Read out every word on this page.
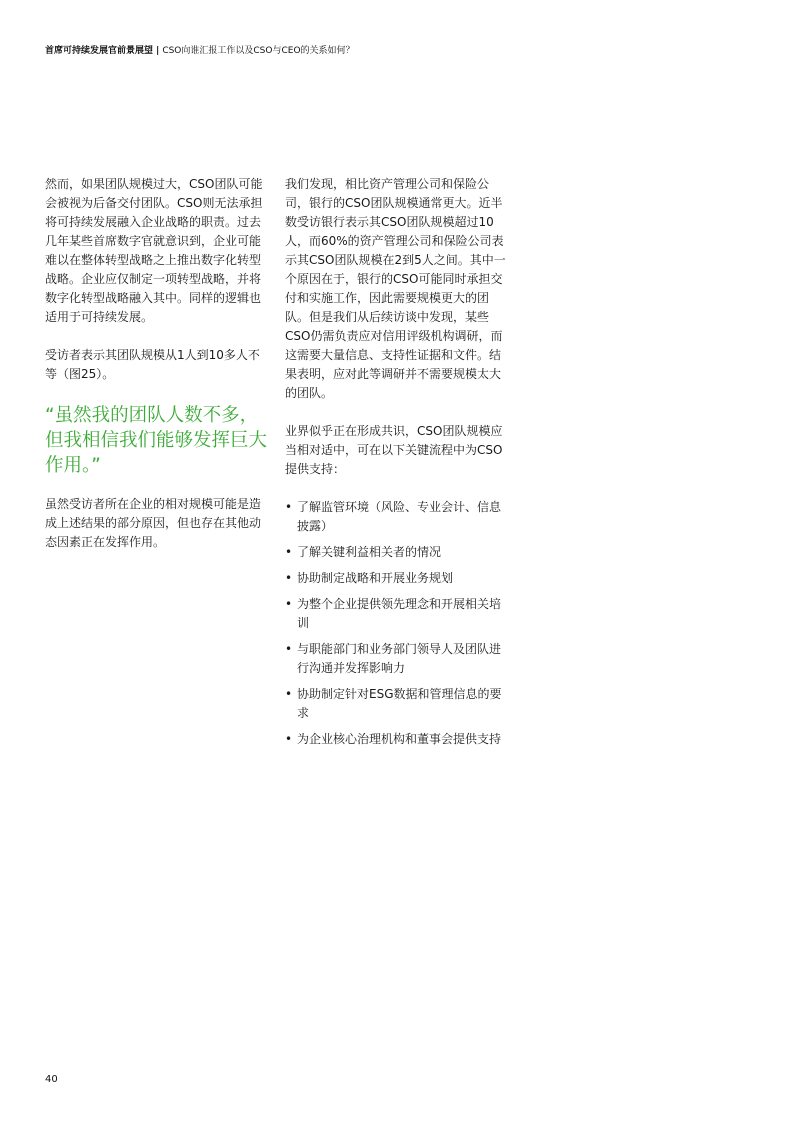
首席可持续发展官前景展望 | CSO向谁汇报工作以及CSO与CEO的关系如何？

然而，如果团队规模过大，CSO团队可能会被视为后备交付团队。CSO则无法承担将可持续发展融入企业战略的职责。过去几年某些首席数字官就意识到，企业可能难以在整体转型战略之上推出数字化转型战略。企业应仅制定一项转型战略，并将数字化转型战略融入其中。同样的逻辑也适用于可持续发展。

受访者表示其团队规模从1人到10多人不等（图25）。

“虽然我的团队人数不多，但我相信我们能够发挥巨大作用。”

虽然受访者所在企业的相对规模可能是造成上述结果的部分原因，但也存在其他动态因素正在发挥作用。

我们发现，相比资产管理公司和保险公司，银行的CSO团队规模通常更大。近半数受访银行表示其CSO团队规模超过10人，而60%的资产管理公司和保险公司表示其CSO团队规模在2到5人之间。其中一个原因在于，银行的CSO可能同时承担交付和实施工作，因此需要规模更大的团队。但是我们从后续访谈中发现，某些CSO仍需负责应对信用评级机构调研，而这需要大量信息、支持性证据和文件。结果表明，应对此等调研并不需要规模太大的团队。

业界似乎正在形成共识，CSO团队规模应当相对适中，可在以下关键流程中为CSO提供支持：

• 了解监管环境（风险、专业会计、信息披露）
• 了解关键利益相关者的情况
• 协助制定战略和开展业务规划
• 为整个企业提供领先理念和开展相关培训
• 与职能部门和业务部门领导人及团队进行沟通并发挥影响力
• 协助制定针对ESG数据和管理信息的要求
• 为企业核心治理机构和董事会提供支持
40
